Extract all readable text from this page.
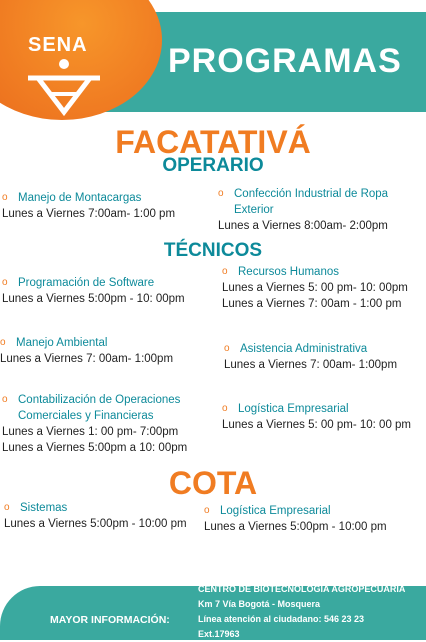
PROGRAMAS
SENA
FACATATIVÁ
OPERARIO
o Manejo de Montacargas
Lunes a Viernes 7:00am- 1:00 pm
o Confección Industrial de Ropa
Exterior
Lunes a Viernes 8:00am- 2:00pm
TÉCNICOS
o Programación de Software
Lunes a Viernes 5:00pm - 10: 00pm
o Recursos Humanos
Lunes a Viernes 5: 00 pm- 10: 00pm
Lunes a Viernes 7: 00am - 1:00 pm
o Manejo Ambiental
Lunes a Viernes 7: 00am- 1:00pm
o Asistencia Administrativa
Lunes a Viernes 7: 00am- 1:00pm
o Contabilización de Operaciones
Comerciales y Financieras
Lunes a Viernes 1: 00 pm- 7:00pm
Lunes a Viernes 5:00pm a 10: 00pm
o Logística Empresarial
Lunes a Viernes 5: 00 pm- 10: 00 pm
COTA
o Sistemas
Lunes a Viernes 5:00pm - 10:00 pm
o Logística Empresarial
Lunes a Viernes 5:00pm - 10:00 pm
MAYOR INFORMACIÓN:
CENTRO DE BIOTECNOLOGÍA AGROPECUARIA
Km 7 Vía Bogotá - Mosquera
Línea atención al ciudadano: 546 23 23
Ext.17963
